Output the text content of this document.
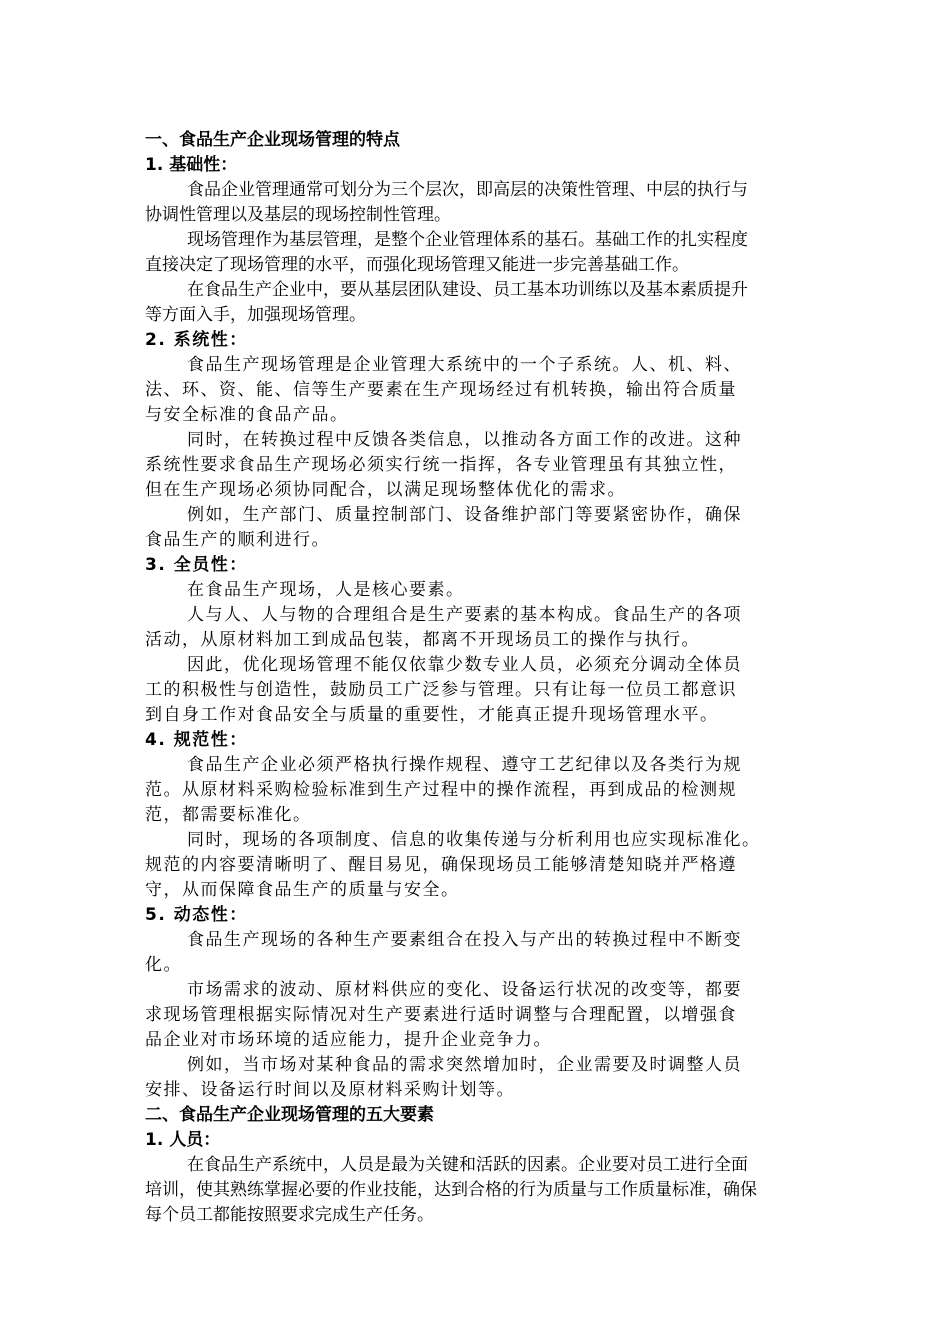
一、食品生产企业现场管理的特点
1. 基础性：
食品企业管理通常可划分为三个层次，即高层的决策性管理、中层的执行与
协调性管理以及基层的现场控制性管理。
现场管理作为基层管理，是整个企业管理体系的基石。基础工作的扎实程度
直接决定了现场管理的水平，而强化现场管理又能进一步完善基础工作。
在食品生产企业中，要从基层团队建设、员工基本功训练以及基本素质提升
等方面入手，加强现场管理。
2. 系统性：
食品生产现场管理是企业管理大系统中的一个子系统。人、机、料、
法、环、资、能、信等生产要素在生产现场经过有机转换，输出符合质量
与安全标准的食品产品。
同时，在转换过程中反馈各类信息，以推动各方面工作的改进。这种
系统性要求食品生产现场必须实行统一指挥，各专业管理虽有其独立性，
但在生产现场必须协同配合，以满足现场整体优化的需求。
例如，生产部门、质量控制部门、设备维护部门等要紧密协作，确保
食品生产的顺利进行。
3. 全员性：
在食品生产现场，人是核心要素。
人与人、人与物的合理组合是生产要素的基本构成。食品生产的各项
活动，从原材料加工到成品包装，都离不开现场员工的操作与执行。
因此，优化现场管理不能仅依靠少数专业人员，必须充分调动全体员
工的积极性与创造性，鼓励员工广泛参与管理。只有让每一位员工都意识
到自身工作对食品安全与质量的重要性，才能真正提升现场管理水平。
4. 规范性：
食品生产企业必须严格执行操作规程、遵守工艺纪律以及各类行为规
范。从原材料采购检验标准到生产过程中的操作流程，再到成品的检测规
范，都需要标准化。
同时，现场的各项制度、信息的收集传递与分析利用也应实现标准化。
规范的内容要清晰明了、醒目易见，确保现场员工能够清楚知晓并严格遵
守，从而保障食品生产的质量与安全。
5. 动态性：
食品生产现场的各种生产要素组合在投入与产出的转换过程中不断变
化。
市场需求的波动、原材料供应的变化、设备运行状况的改变等，都要
求现场管理根据实际情况对生产要素进行适时调整与合理配置，以增强食
品企业对市场环境的适应能力，提升企业竞争力。
例如，当市场对某种食品的需求突然增加时，企业需要及时调整人员
安排、设备运行时间以及原材料采购计划等。
二、食品生产企业现场管理的五大要素
1. 人员：
在食品生产系统中，人员是最为关键和活跃的因素。企业要对员工进行全面
培训，使其熟练掌握必要的作业技能，达到合格的行为质量与工作质量标准，确保
每个员工都能按照要求完成生产任务。
